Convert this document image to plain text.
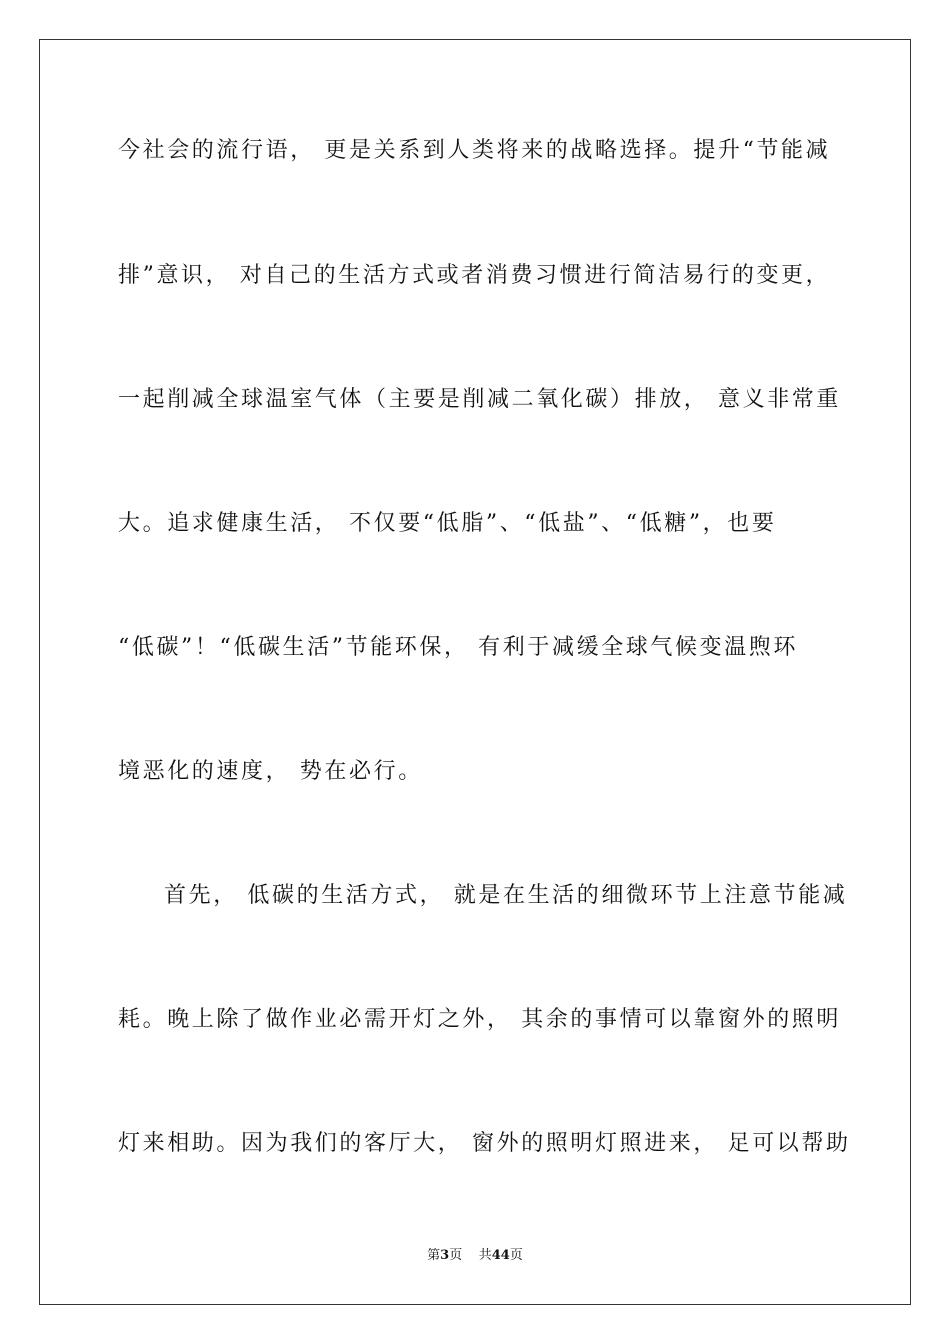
今社会的流行语， 更是关系到人类将来的战略选择。提升“节能减
排”意识， 对自己的生活方式或者消费习惯进行简洁易行的变更，
一起削减全球温室气体（主要是削减二氧化碳）排放， 意义非常重
大。追求健康生活， 不仅要“低脂”、“低盐”、“低糖”，也要
“低碳”！“低碳生活”节能环保， 有利于减缓全球气候变温煦环
境恶化的速度， 势在必行。
首先， 低碳的生活方式， 就是在生活的细微环节上注意节能减
耗。晚上除了做作业必需开灯之外， 其余的事情可以靠窗外的照明
灯来相助。因为我们的客厅大， 窗外的照明灯照进来， 足可以帮助
第3页 共44页
